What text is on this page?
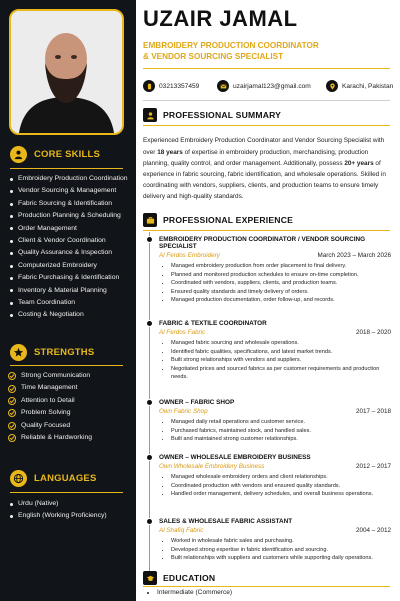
CORE SKILLS
Embroidery Production Coordination
Vendor Sourcing & Management
Fabric Sourcing & Identification
Production Planning & Scheduling
Order Management
Client & Vendor Coordination
Quality Assurance & Inspection
Computerized Embroidery
Fabric Purchasing & Identification
Inventory & Material Planning
Team Coordination
Costing & Negotiation
STRENGTHS
Strong Communication
Time Management
Attention to Detail
Problem Solving
Quality Focused
Reliable & Hardworking
LANGUAGES
Urdu (Native)
English (Working Proficiency)
UZAIR JAMAL
EMBROIDERY PRODUCTION COORDINATOR
& VENDOR SOURCING SPECIALIST
03213357459	uzairjamal123@gmail.com	Karachi, Pakistan
PROFESSIONAL SUMMARY

Experienced Embroidery Production Coordinator and Vendor Sourcing Specialist with over 18 years of expertise in embroidery production, merchandising, production planning, quality control, and order management. Additionally, possess 20+ years of experience in fabric sourcing, fabric identification, and wholesale operations. Skilled in coordinating with vendors, suppliers, clients, and production teams to ensure timely delivery and high-quality standards.

PROFESSIONAL EXPERIENCE
EMBROIDERY PRODUCTION COORDINATOR / VENDOR SOURCING SPECIALIST
Al Ferdos Embroidery	March 2023 – March 2026
• Managed embroidery production from order placement to final delivery.
• Planned and monitored production schedules to ensure on-time completion.
• Coordinated with vendors, suppliers, clients, and production teams.
• Ensured quality standards and timely delivery of orders.
• Managed production documentation, order follow-up, and records.
FABRIC & TEXTILE COORDINATOR
Al Ferdos Fabric	2018 – 2020
• Managed fabric sourcing and wholesale operations.
• Identified fabric qualities, specifications, and latest market trends.
• Built strong relationships with vendors and suppliers.
• Negotiated prices and sourced fabrics as per customer requirements and production needs.
OWNER – FABRIC SHOP
Own Fabric Shop	2017 – 2018
• Managed daily retail operations and customer service.
• Purchased fabrics, maintained stock, and handled sales.
• Built and maintained strong customer relationships.
OWNER – WHOLESALE EMBROIDERY BUSINESS
Own Wholesale Embroidery Business	2012 – 2017
• Managed wholesale embroidery orders and client relationships.
• Coordinated production with vendors and ensured quality standards.
• Handled order management, delivery schedules, and overall business operations.
SALES & WHOLESALE FABRIC ASSISTANT
Al Shafiq Fabric	2004 – 2012
• Worked in wholesale fabric sales and purchasing.
• Developed strong expertise in fabric identification and sourcing.
• Built relationships with suppliers and customers while supporting daily operations.
EDUCATION
• Intermediate (Commerce)
